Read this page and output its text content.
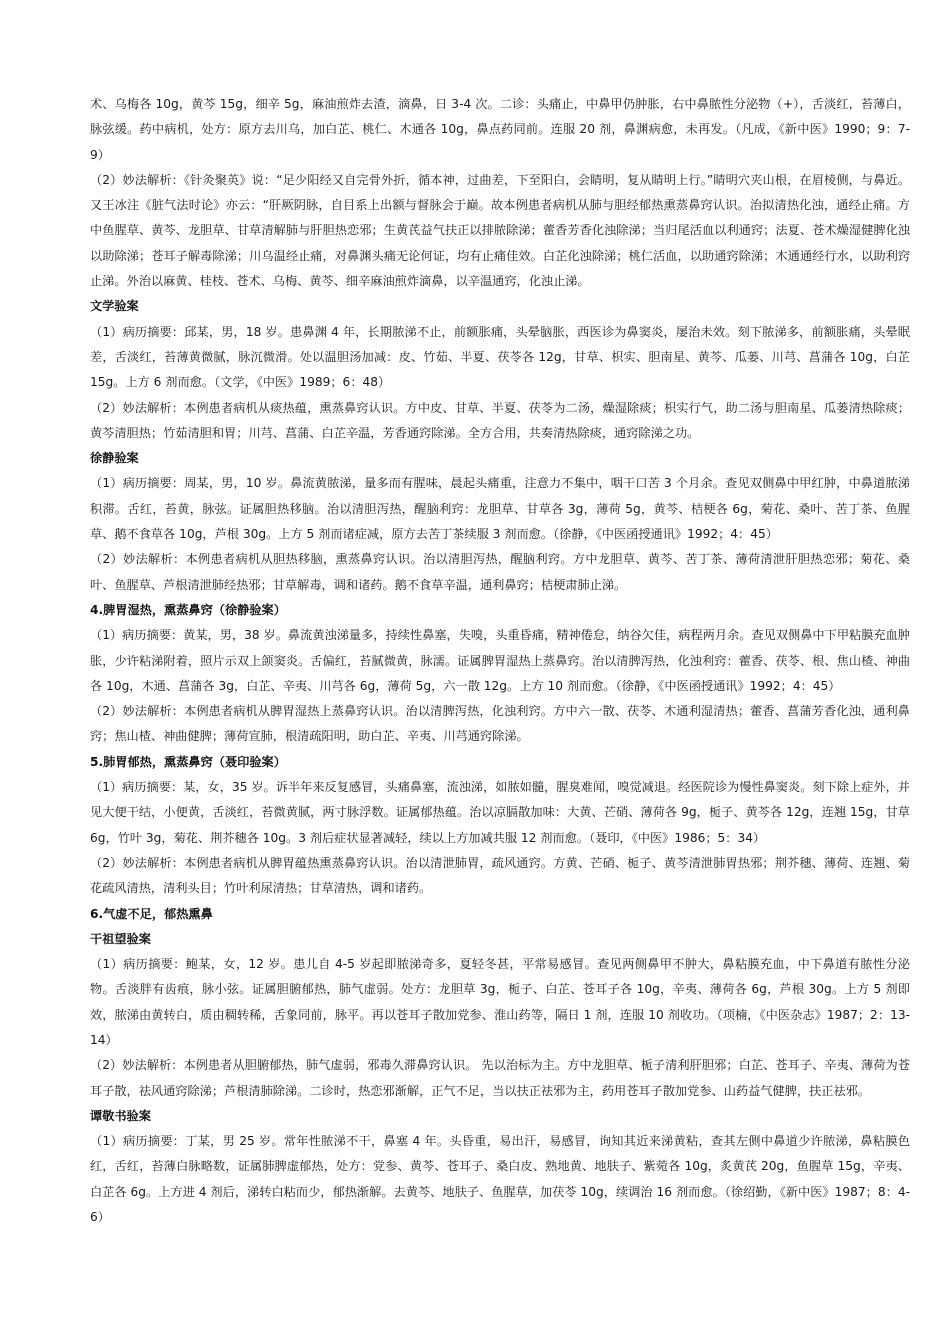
术、乌梅各 10g，黄芩 15g，细辛 5g，麻油煎炸去渣，滴鼻，日 3-4 次。二诊：头痛止，中鼻甲仍肿胀，右中鼻脓性分泌物（+），舌淡红，苔薄白，脉弦缓。药中病机，处方：原方去川乌，加白芷、桃仁、木通各 10g，鼻点药同前。连服 20 剂，鼻渊病愈，未再发。（凡成，《新中医》1990；9：7-9）
（2）妙法解析：《针灸聚英》说：“足少阳经又自完骨外折，循本神，过曲差，下至阳白，会睛明，复从睛明上行。”睛明穴夹山根，在眉棱侧，与鼻近。又王冰注《脏气法时论》亦云：“肝厥阴脉，自目系上出额与督脉会于巅。故本例患者病机从肺与胆经郁热熏蒸鼻窍认识。治拟清热化浊，通经止痛。方中鱼腥草、黄芩、龙胆草、甘草清解肺与肝胆热恋邪；生黄芪益气扶正以排脓除涕；藿香芳香化浊除涕；当归尾活血以利通窍；法夏、苍术燥湿健脾化浊以助除涕；苍耳子解毒除涕；川乌温经止痛，对鼻渊头痛无论何证，均有止痛佳效。白芷化浊除涕；桃仁活血，以助通窍除涕；木通通经行水，以助利窍止涕。外治以麻黄、桂枝、苍术、乌梅、黄芩、细辛麻油煎炸滴鼻，以辛温通窍，化浊止涕。
文学验案
（1）病历摘要：邱某，男，18 岁。患鼻渊 4 年，长期脓涕不止，前额胀痛，头晕脑胀，西医诊为鼻窦炎，屡治未效。刻下脓涕多，前额胀痛，头晕眠差，舌淡红，苔薄黄微腻，脉沉微滑。处以温胆汤加减：皮、竹茹、半夏、茯苓各 12g，甘草、枳实、胆南星、黄芩、瓜蒌、川芎、菖蒲各 10g，白芷 15g。上方 6 剂而愈。（文学，《中医》1989；6：48）
（2）妙法解析：本例患者病机从痰热蕴，熏蒸鼻窍认识。方中皮、甘草、半夏、茯苓为二汤，燥湿除痰；枳实行气，助二汤与胆南星、瓜蒌清热除痰；黄芩清胆热；竹茹清胆和胃；川芎、菖蒲、白芷辛温，芳香通窍除涕。全方合用，共奏清热除痰，通窍除涕之功。
徐静验案
（1）病历摘要：周某，男，10 岁。鼻流黄脓涕，量多而有腥味，晨起头痛重，注意力不集中，咽干口苦 3 个月余。查见双侧鼻中甲红肿，中鼻道脓涕积滞。舌红，苔黄，脉弦。证属胆热移脑。治以清胆泻热，醒脑利窍：龙胆草、甘草各 3g，薄荷 5g，黄芩、桔梗各 6g，菊花、桑叶、苦丁茶、鱼腥草、鹅不食草各 10g，芦根 30g。上方 5 剂而诸症减，原方去苦丁茶续服 3 剂而愈。（徐静，《中医函授通讯》1992；4：45）
（2）妙法解析：本例患者病机从胆热移脑，熏蒸鼻窍认识。治以清胆泻热，醒脑利窍。方中龙胆草、黄芩、苦丁茶、薄荷清泄肝胆热恋邪；菊花、桑叶、鱼腥草、芦根清泄肺经热邪；甘草解毒，调和诸药。鹅不食草辛温，通利鼻窍；桔梗肃肺止涕。
4.脾胃湿热，熏蒸鼻窍（徐静验案）
（1）病历摘要：黄某，男，38 岁。鼻流黄浊涕量多，持续性鼻塞，失嗅，头重昏痛，精神倦怠，纳谷欠佳，病程两月余。查见双侧鼻中下甲粘膜充血肿胀，少许粘涕附着，照片示双上颌窦炎。舌偏红，苔腻微黄，脉濡。证属脾胃湿热上蒸鼻窍。治以清脾泻热，化浊利窍：藿香、茯苓、根、焦山楂、神曲各 10g，木通、菖蒲各 3g，白芷、辛夷、川芎各 6g，薄荷 5g，六一散 12g。上方 10 剂而愈。（徐静，《中医函授通讯》1992；4：45）
（2）妙法解析：本例患者病机从脾胃湿热上蒸鼻窍认识。治以清脾泻热，化浊利窍。方中六一散、茯苓、木通利湿清热；藿香、菖蒲芳香化浊，通利鼻窍；焦山楂、神曲健脾；薄荷宣肺，根清疏阳明，助白芷、辛夷、川芎通窍除涕。
5.肺胃郁热，熏蒸鼻窍（聂印验案）
（1）病历摘要：某，女，35 岁。诉半年来反复感冒，头痛鼻塞，流浊涕，如脓如髓，腥臭难闻，嗅觉减退。经医院诊为慢性鼻窦炎。刻下除上症外，并见大便干结，小便黄，舌淡红，苔微黄腻，两寸脉浮数。证属郁热蕴。治以凉膈散加味：大黄、芒硝、薄荷各 9g，栀子、黄芩各 12g，连翘 15g，甘草 6g，竹叶 3g，菊花、荆芥穗各 10g。3 剂后症状显著减轻，续以上方加减共服 12 剂而愈。（聂印，《中医》1986；5：34）
（2）妙法解析：本例患者病机从脾胃蕴热熏蒸鼻窍认识。治以清泄肺胃，疏风通窍。方黄、芒硝、栀子、黄芩清泄肺胃热邪；荆芥穗、薄荷、连翘、菊花疏风清热，清利头目；竹叶利尿清热；甘草清热，调和诸药。
6.气虚不足，郁热熏鼻
干祖望验案
（1）病历摘要：鲍某，女，12 岁。患儿自 4-5 岁起即脓涕奇多，夏轻冬甚，平常易感冒。查见两侧鼻甲不肿大，鼻粘膜充血，中下鼻道有脓性分泌物。舌淡胖有齿痕，脉小弦。证属胆腑郁热，肺气虚弱。处方：龙胆草 3g，栀子、白芷、苍耳子各 10g，辛夷、薄荷各 6g，芦根 30g。上方 5 剂即效，脓涕由黄转白，质由稠转稀，舌象同前，脉平。再以苍耳子散加党参、淮山药等，隔日 1 剂，连服 10 剂收功。（项楠，《中医杂志》1987；2：13-14）
（2）妙法解析：本例患者从胆腑郁热，肺气虚弱，邪毒久滞鼻窍认识。 先以治标为主。方中龙胆草、栀子清利肝胆邪；白芷、苍耳子、辛夷、薄荷为苍耳子散，祛风通窍除涕；芦根清肺除涕。二诊时，热恋邪渐解，正气不足，当以扶正祛邪为主，药用苍耳子散加党参、山药益气健脾，扶正祛邪。
谭敬书验案
（1）病历摘要：丁某，男 25 岁。常年性脓涕不干，鼻塞 4 年。头昏重，易出汗，易感冒，询知其近来涕黄粘，查其左侧中鼻道少许脓涕，鼻粘膜色红，舌红，苔薄白脉略数，证属肺脾虚郁热，处方：党参、黄芩、苍耳子、桑白皮、熟地黄、地肤子、紫菀各 10g，炙黄芪 20g，鱼腥草 15g，辛夷、白芷各 6g。上方进 4 剂后，涕转白粘而少，郁热渐解。去黄芩、地肤子、鱼腥草，加茯苓 10g，续调治 16 剂而愈。（徐绍勤，《新中医》1987；8：4-6）
